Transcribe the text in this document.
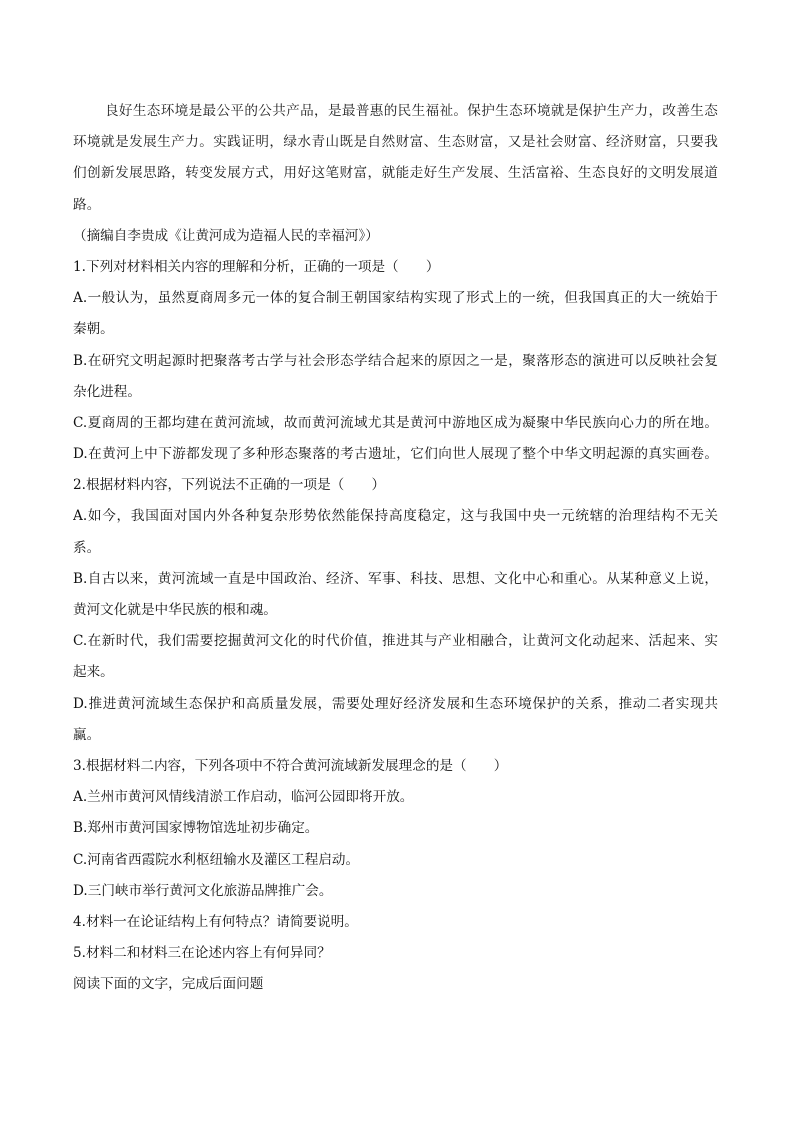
良好生态环境是最公平的公共产品，是最普惠的民生福祉。保护生态环境就是保护生产力，改善生态
环境就是发展生产力。实践证明，绿水青山既是自然财富、生态财富，又是社会财富、经济财富，只要我
们创新发展思路，转变发展方式，用好这笔财富，就能走好生产发展、生活富裕、生态良好的文明发展道
路。
（摘编自李贵成《让黄河成为造福人民的幸福河》）
1.下列对材料相关内容的理解和分析，正确的一项是（　　）
A.一般认为，虽然夏商周多元一体的复合制王朝国家结构实现了形式上的一统，但我国真正的大一统始于
秦朝。
B.在研究文明起源时把聚落考古学与社会形态学结合起来的原因之一是，聚落形态的演进可以反映社会复
杂化进程。
C.夏商周的王都均建在黄河流域，故而黄河流域尤其是黄河中游地区成为凝聚中华民族向心力的所在地。
D.在黄河上中下游都发现了多种形态聚落的考古遗址，它们向世人展现了整个中华文明起源的真实画卷。
2.根据材料内容，下列说法不正确的一项是（　　）
A.如今，我国面对国内外各种复杂形势依然能保持高度稳定，这与我国中央一元统辖的治理结构不无关
系。
B.自古以来，黄河流域一直是中国政治、经济、军事、科技、思想、文化中心和重心。从某种意义上说，
黄河文化就是中华民族的根和魂。
C.在新时代，我们需要挖掘黄河文化的时代价值，推进其与产业相融合，让黄河文化动起来、活起来、实
起来。
D.推进黄河流域生态保护和高质量发展，需要处理好经济发展和生态环境保护的关系，推动二者实现共
赢。
3.根据材料二内容，下列各项中不符合黄河流域新发展理念的是（　　）
A.兰州市黄河风情线清淤工作启动，临河公园即将开放。
B.郑州市黄河国家博物馆选址初步确定。
C.河南省西霞院水利枢纽输水及灌区工程启动。
D.三门峡市举行黄河文化旅游品牌推广会。
4.材料一在论证结构上有何特点？请简要说明。
5.材料二和材料三在论述内容上有何异同？
阅读下面的文字，完成后面问题
